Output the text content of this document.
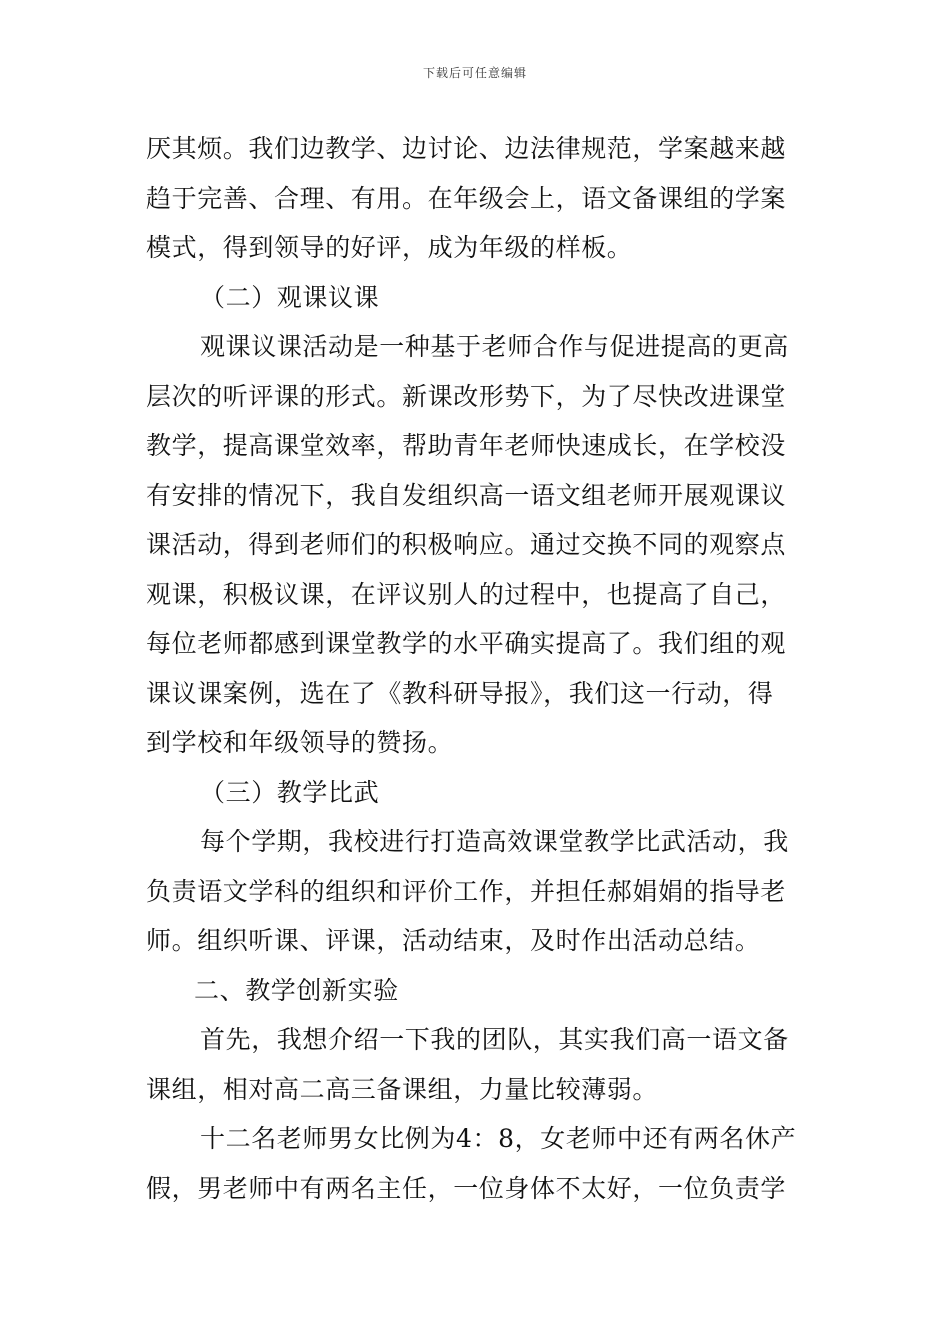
下载后可任意编辑
厌其烦。我们边教学、边讨论、边法律规范，学案越来越
趋于完善、合理、有用。在年级会上，语文备课组的学案
模式，得到领导的好评，成为年级的样板。
（二）观课议课
观课议课活动是一种基于老师合作与促进提高的更高
层次的听评课的形式。新课改形势下，为了尽快改进课堂
教学，提高课堂效率，帮助青年老师快速成长，在学校没
有安排的情况下，我自发组织高一语文组老师开展观课议
课活动，得到老师们的积极响应。通过交换不同的观察点
观课，积极议课，在评议别人的过程中，也提高了自己，
每位老师都感到课堂教学的水平确实提高了。我们组的观
课议课案例，选在了《教科研导报》，我们这一行动，得
到学校和年级领导的赞扬。
（三）教学比武
每个学期，我校进行打造高效课堂教学比武活动，我
负责语文学科的组织和评价工作，并担任郝娟娟的指导老
师。组织听课、评课，活动结束，及时作出活动总结。
二、教学创新实验
首先，我想介绍一下我的团队，其实我们高一语文备
课组，相对高二高三备课组，力量比较薄弱。
十二名老师男女比例为4：8，女老师中还有两名休产
假，男老师中有两名主任，一位身体不太好，一位负责学
